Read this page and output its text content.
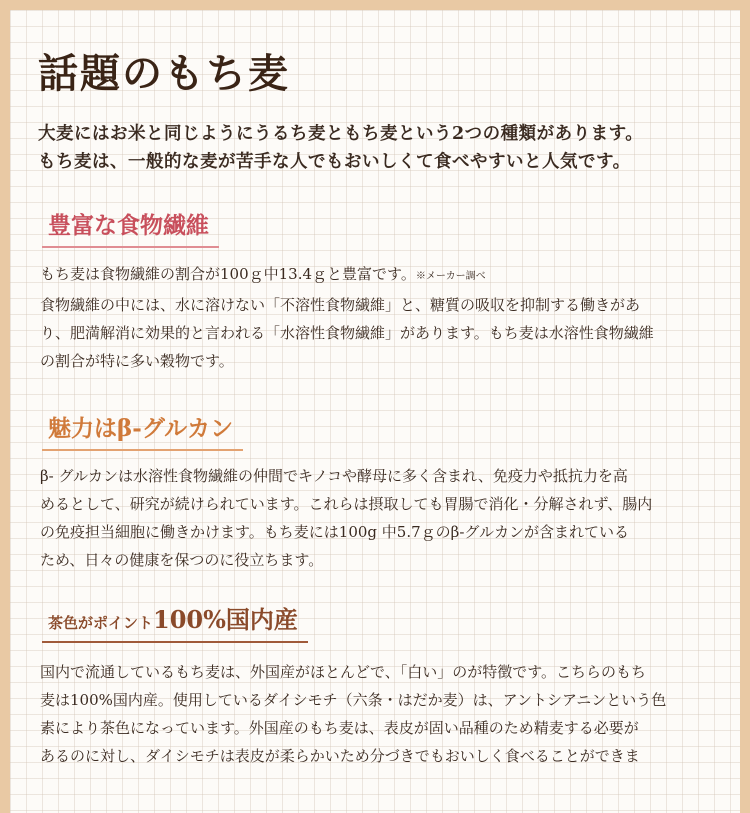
話題のもち麦

大麦にはお米と同じようにうるち麦ともち麦という2つの種類があります。
もち麦は、一般的な麦が苦手な人でもおいしくて食べやすいと人気です。

豊富な食物繊維

もち麦は食物繊維の割合が100ｇ中13.4ｇと豊富です。※メーカー調べ
食物繊維の中には、水に溶けない「不溶性食物繊維」と、糖質の吸収を抑制する働きがあ
り、肥満解消に効果的と言われる「水溶性食物繊維」があります。もち麦は水溶性食物繊維
の割合が特に多い穀物です。

魅力はβ-グルカン

β- グルカンは水溶性食物繊維の仲間でキノコや酵母に多く含まれ、免疫力や抵抗力を高
めるとして、研究が続けられています。これらは摂取しても胃腸で消化・分解されず、腸内
の免疫担当細胞に働きかけます。もち麦には100g 中5.7ｇのβ-グルカンが含まれている
ため、日々の健康を保つのに役立ちます。

茶色がポイント100%国内産

国内で流通しているもち麦は、外国産がほとんどで、「白い」のが特徴です。こちらのもち
麦は100%国内産。使用しているダイシモチ（六条・はだか麦）は、アントシアニンという色
素により茶色になっています。外国産のもち麦は、表皮が固い品種のため精麦する必要が
あるのに対し、ダイシモチは表皮が柔らかいため分づきでもおいしく食べることができま
